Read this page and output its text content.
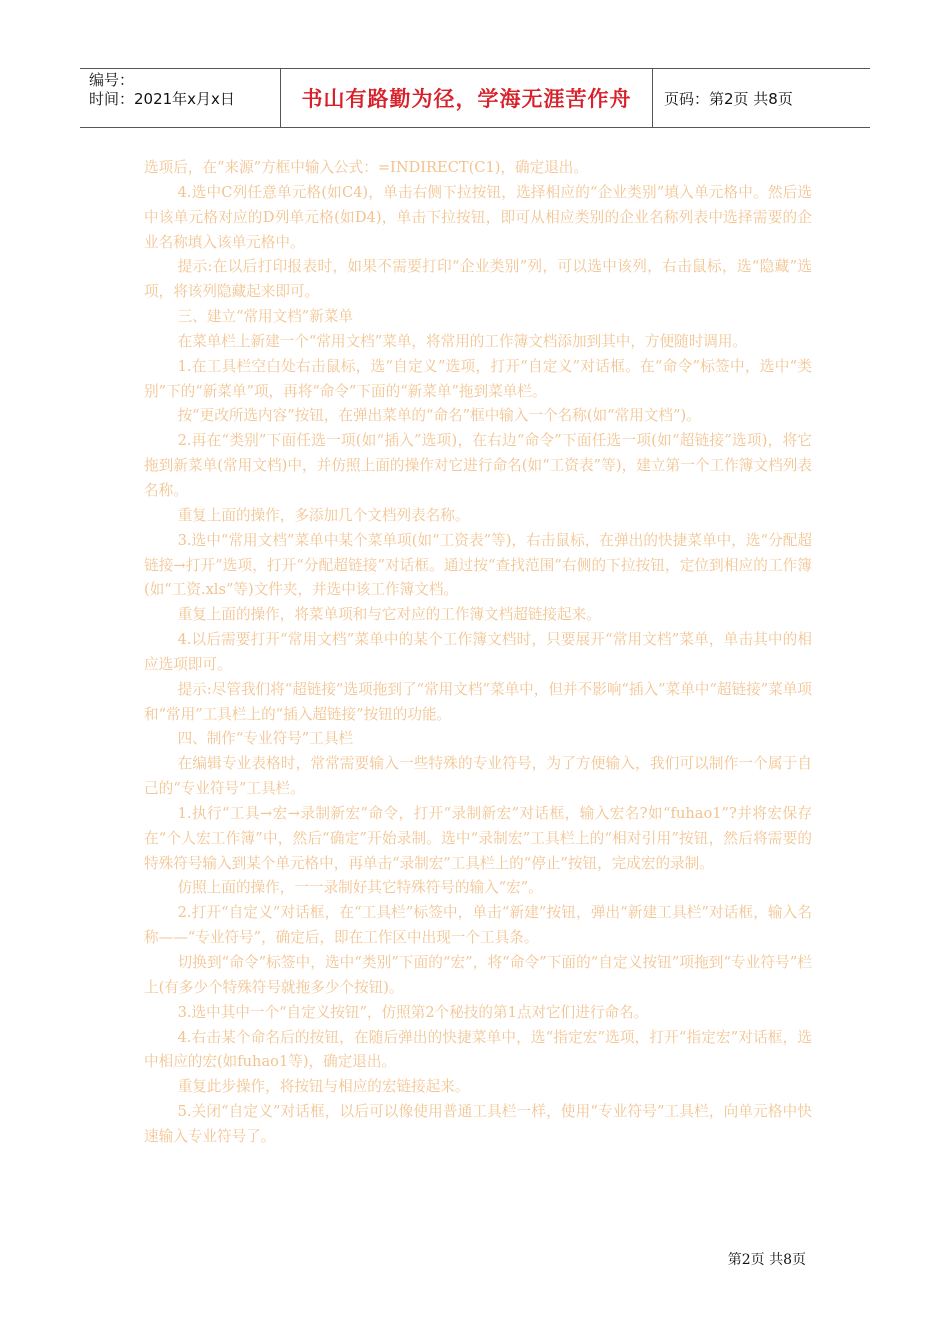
编号：
时间：2021年x月x日	书山有路勤为径，学海无涯苦作舟	页码：第2页 共8页

选项后，在“来源”方框中输入公式：=INDIRECT(C1)，确定退出。

4.选中C列任意单元格(如C4)，单击右侧下拉按钮，选择相应的“企业类别”填入单元格中。然后选中该单元格对应的D列单元格(如D4)，单击下拉按钮，即可从相应类别的企业名称列表中选择需要的企业名称填入该单元格中。

提示:在以后打印报表时，如果不需要打印“企业类别”列，可以选中该列，右击鼠标，选“隐藏”选项，将该列隐藏起来即可。

三、建立“常用文档”新菜单

在菜单栏上新建一个“常用文档”菜单，将常用的工作簿文档添加到其中，方便随时调用。

1.在工具栏空白处右击鼠标，选“自定义”选项，打开“自定义”对话框。在“命令”标签中，选中“类别”下的“新菜单”项，再将“命令”下面的“新菜单”拖到菜单栏。

按“更改所选内容”按钮，在弹出菜单的“命名”框中输入一个名称(如“常用文档”)。

2.再在“类别”下面任选一项(如“插入”选项)，在右边“命令”下面任选一项(如“超链接”选项)，将它拖到新菜单(常用文档)中，并仿照上面的操作对它进行命名(如“工资表”等)，建立第一个工作簿文档列表名称。

重复上面的操作，多添加几个文档列表名称。

3.选中“常用文档”菜单中某个菜单项(如“工资表”等)，右击鼠标，在弹出的快捷菜单中，选“分配超链接→打开”选项，打开“分配超链接”对话框。通过按“查找范围”右侧的下拉按钮，定位到相应的工作簿(如“工资.xls”等)文件夹，并选中该工作簿文档。

重复上面的操作，将菜单项和与它对应的工作簿文档超链接起来。

4.以后需要打开“常用文档”菜单中的某个工作簿文档时，只要展开“常用文档”菜单，单击其中的相应选项即可。

提示:尽管我们将“超链接”选项拖到了“常用文档”菜单中，但并不影响“插入”菜单中“超链接”菜单项和“常用”工具栏上的“插入超链接”按钮的功能。

四、制作“专业符号”工具栏

在编辑专业表格时，常常需要输入一些特殊的专业符号，为了方便输入，我们可以制作一个属于自己的“专业符号”工具栏。

1.执行“工具→宏→录制新宏”命令，打开“录制新宏”对话框，输入宏名?如“fuhao1”?并将宏保存在“个人宏工作簿”中，然后“确定”开始录制。选中“录制宏”工具栏上的“相对引用”按钮，然后将需要的特殊符号输入到某个单元格中，再单击“录制宏”工具栏上的“停止”按钮，完成宏的录制。

仿照上面的操作，一一录制好其它特殊符号的输入“宏”。

2.打开“自定义”对话框，在“工具栏”标签中，单击“新建”按钮，弹出“新建工具栏”对话框，输入名称——“专业符号”，确定后，即在工作区中出现一个工具条。

切换到“命令”标签中，选中“类别”下面的“宏”，将“命令”下面的“自定义按钮”项拖到“专业符号”栏上(有多少个特殊符号就拖多少个按钮)。

3.选中其中一个“自定义按钮”，仿照第2个秘技的第1点对它们进行命名。

4.右击某个命名后的按钮，在随后弹出的快捷菜单中，选“指定宏”选项，打开“指定宏”对话框，选中相应的宏(如fuhao1等)，确定退出。

重复此步操作，将按钮与相应的宏链接起来。

5.关闭“自定义”对话框，以后可以像使用普通工具栏一样，使用“专业符号”工具栏，向单元格中快速输入专业符号了。

第2页 共8页
